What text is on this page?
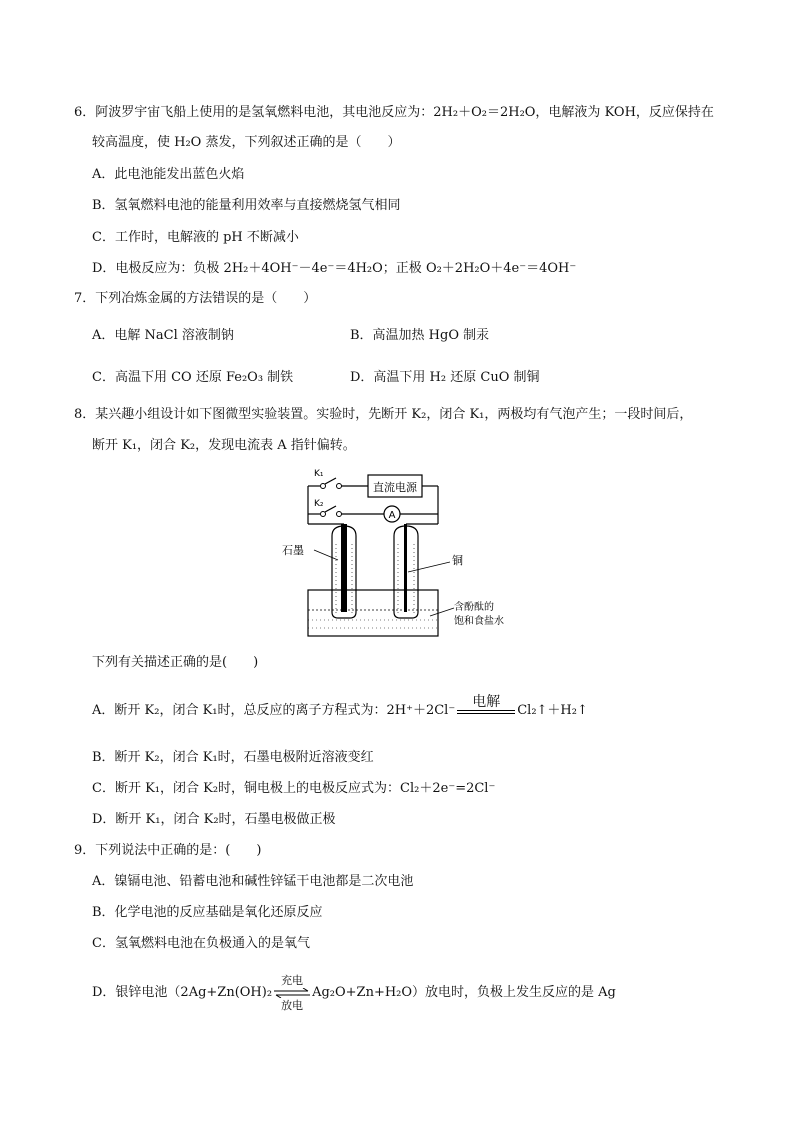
6．阿波罗宇宙飞船上使用的是氢氧燃料电池，其电池反应为：2H₂＋O₂＝2H₂O，电解液为 KOH，反应保持在
较高温度，使 H₂O 蒸发，下列叙述正确的是（　　）
A．此电池能发出蓝色火焰
B．氢氧燃料电池的能量利用效率与直接燃烧氢气相同
C．工作时，电解液的 pH 不断减小
D．电极反应为：负极 2H₂＋4OH⁻－4e⁻＝4H₂O；正极 O₂＋2H₂O＋4e⁻＝4OH⁻
7．下列冶炼金属的方法错误的是（　　）
A．电解 NaCl 溶液制钠	B．高温加热 HgO 制汞
C．高温下用 CO 还原 Fe₂O₃ 制铁	D．高温下用 H₂ 还原 CuO 制铜
8．某兴趣小组设计如下图微型实验装置。实验时，先断开 K₂，闭合 K₁，两极均有气泡产生；一段时间后，
断开 K₁，闭合 K₂，发现电流表 A 指针偏转。
直流电源
A
K₁
K₂
石墨
铜
含酚酞的
饱和食盐水
下列有关描述正确的是(　　)
A．断开 K₂，闭合 K₁时，总反应的离子方程式为：2H⁺＋2Cl⁻
电解
Cl₂↑＋H₂↑
B．断开 K₂，闭合 K₁时，石墨电极附近溶液变红
C．断开 K₁，闭合 K₂时，铜电极上的电极反应式为：Cl₂＋2e⁻=2Cl⁻
D．断开 K₁，闭合 K₂时，石墨电极做正极
9．下列说法中正确的是：(　　)
A．镍镉电池、铅蓄电池和碱性锌锰干电池都是二次电池
B．化学电池的反应基础是氧化还原反应
C．氢氧燃料电池在负极通入的是氧气
D．银锌电池（2Ag+Zn(OH)₂
充电
放电
Ag₂O+Zn+H₂O）放电时，负极上发生反应的是 Ag
